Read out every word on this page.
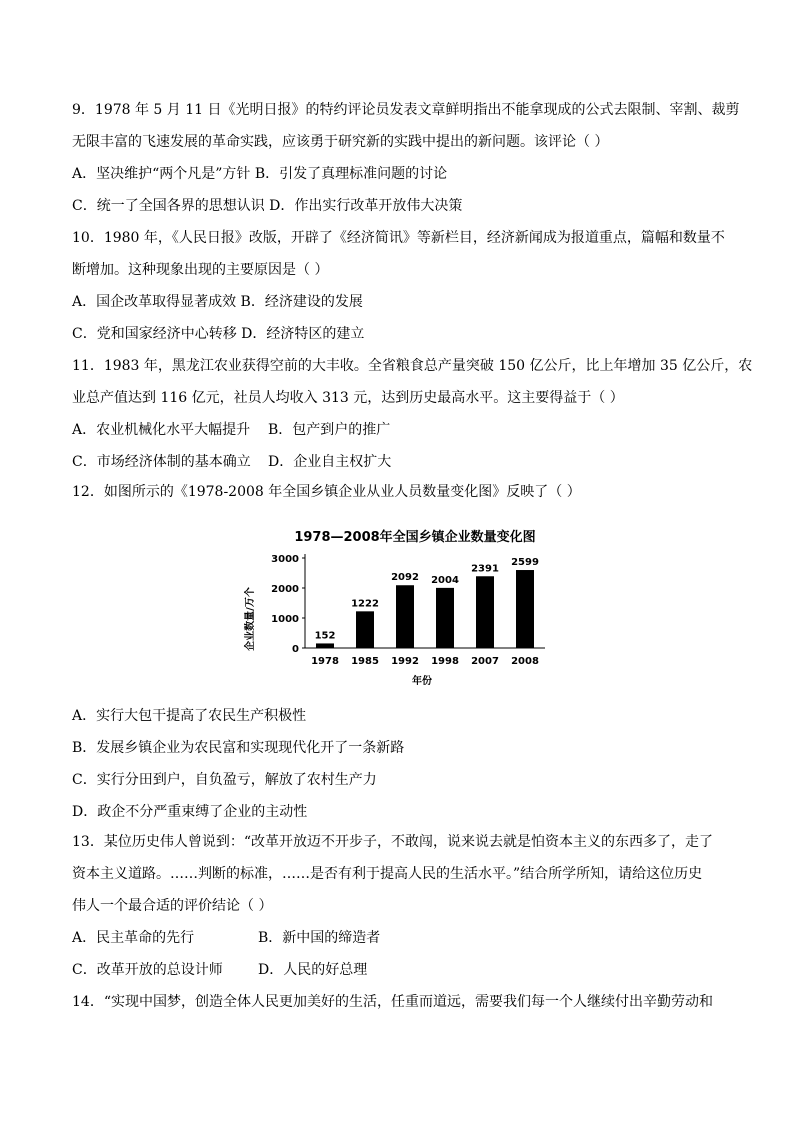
9．1978 年 5 月 11 日《光明日报》的特约评论员发表文章鲜明指出不能拿现成的公式去限制、宰割、裁剪
无限丰富的飞速发展的革命实践，应该勇于研究新的实践中提出的新问题。该评论（ ）
A．坚决维护“两个凡是”方针 B．引发了真理标准问题的讨论
C．统一了全国各界的思想认识 D．作出实行改革开放伟大决策
10．1980 年，《人民日报》改版，开辟了《经济简讯》等新栏目，经济新闻成为报道重点，篇幅和数量不
断增加。这种现象出现的主要原因是（ ）
A．国企改革取得显著成效 B．经济建设的发展
C．党和国家经济中心转移 D．经济特区的建立
11．1983 年，黑龙江农业获得空前的大丰收。全省粮食总产量突破 150 亿公斤，比上年增加 35 亿公斤，农
业总产值达到 116 亿元，社员人均收入 313 元，达到历史最高水平。这主要得益于（ ）
A．农业机械化水平大幅提升 B．包产到户的推广
C．市场经济体制的基本确立 D．企业自主权扩大
12．如图所示的《1978-2008 年全国乡镇企业从业人员数量变化图》反映了（ ）
1978—2008年全国乡镇企业数量变化图
企业数量/万个
年份
3000
2000
1000
0
152
1978
1222
1985
2092
1992
2004
1998
2391
2007
2599
2008
A．实行大包干提高了农民生产积极性
B．发展乡镇企业为农民富和实现现代化开了一条新路
C．实行分田到户，自负盈亏，解放了农村生产力
D．政企不分严重束缚了企业的主动性
13．某位历史伟人曾说到：“改革开放迈不开步子，不敢闯，说来说去就是怕资本主义的东西多了，走了
资本主义道路。……判断的标准，……是否有利于提高人民的生活水平。”结合所学所知，请给这位历史
伟人一个最合适的评价结论（ ）
A．民主革命的先行	B．新中国的缔造者
C．改革开放的总设计师	D．人民的好总理
14．“实现中国梦，创造全体人民更加美好的生活，任重而道远，需要我们每一个人继续付出辛勤劳动和
